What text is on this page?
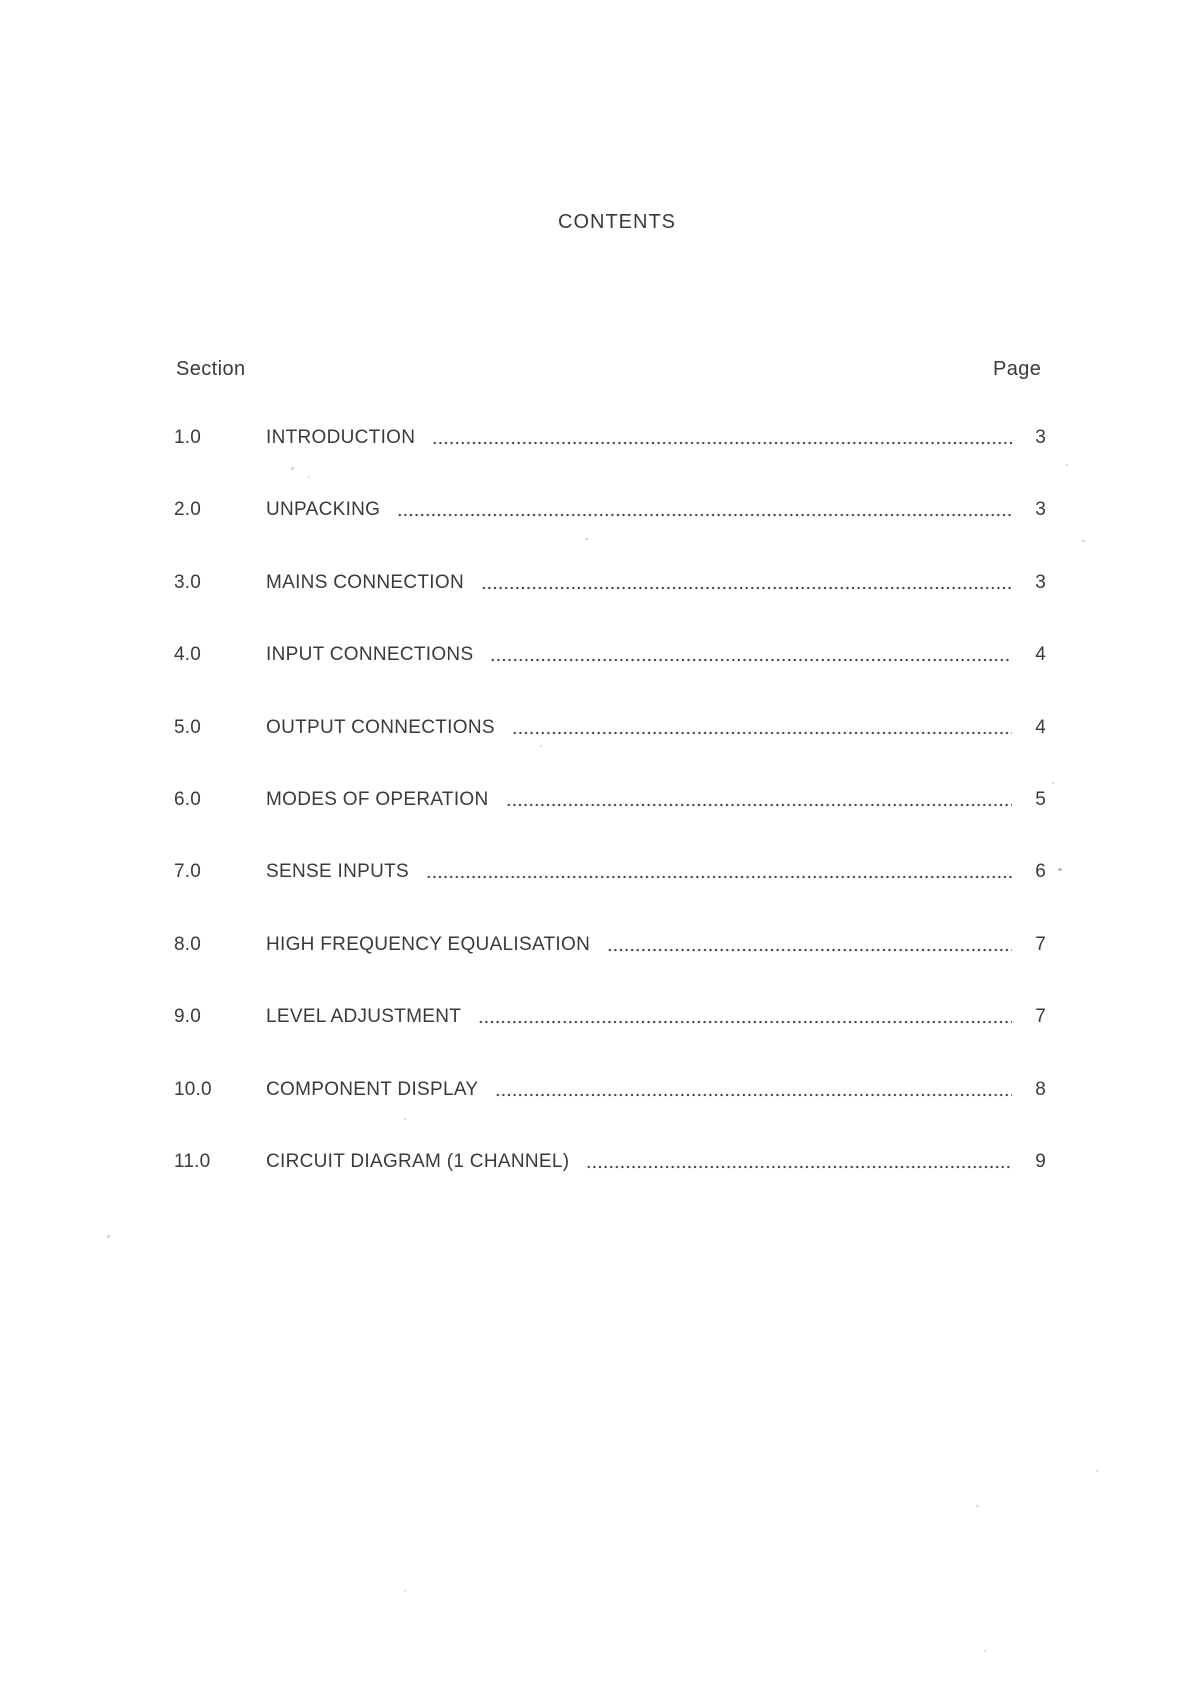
CONTENTS
Section	Page
1.0	INTRODUCTION	3
2.0	UNPACKING	3
3.0	MAINS CONNECTION	3
4.0	INPUT CONNECTIONS	4
5.0	OUTPUT CONNECTIONS	4
6.0	MODES OF OPERATION	5
7.0	SENSE INPUTS	6
8.0	HIGH FREQUENCY EQUALISATION	7
9.0	LEVEL ADJUSTMENT	7
10.0	COMPONENT DISPLAY	8
11.0	CIRCUIT DIAGRAM (1 CHANNEL)	9
